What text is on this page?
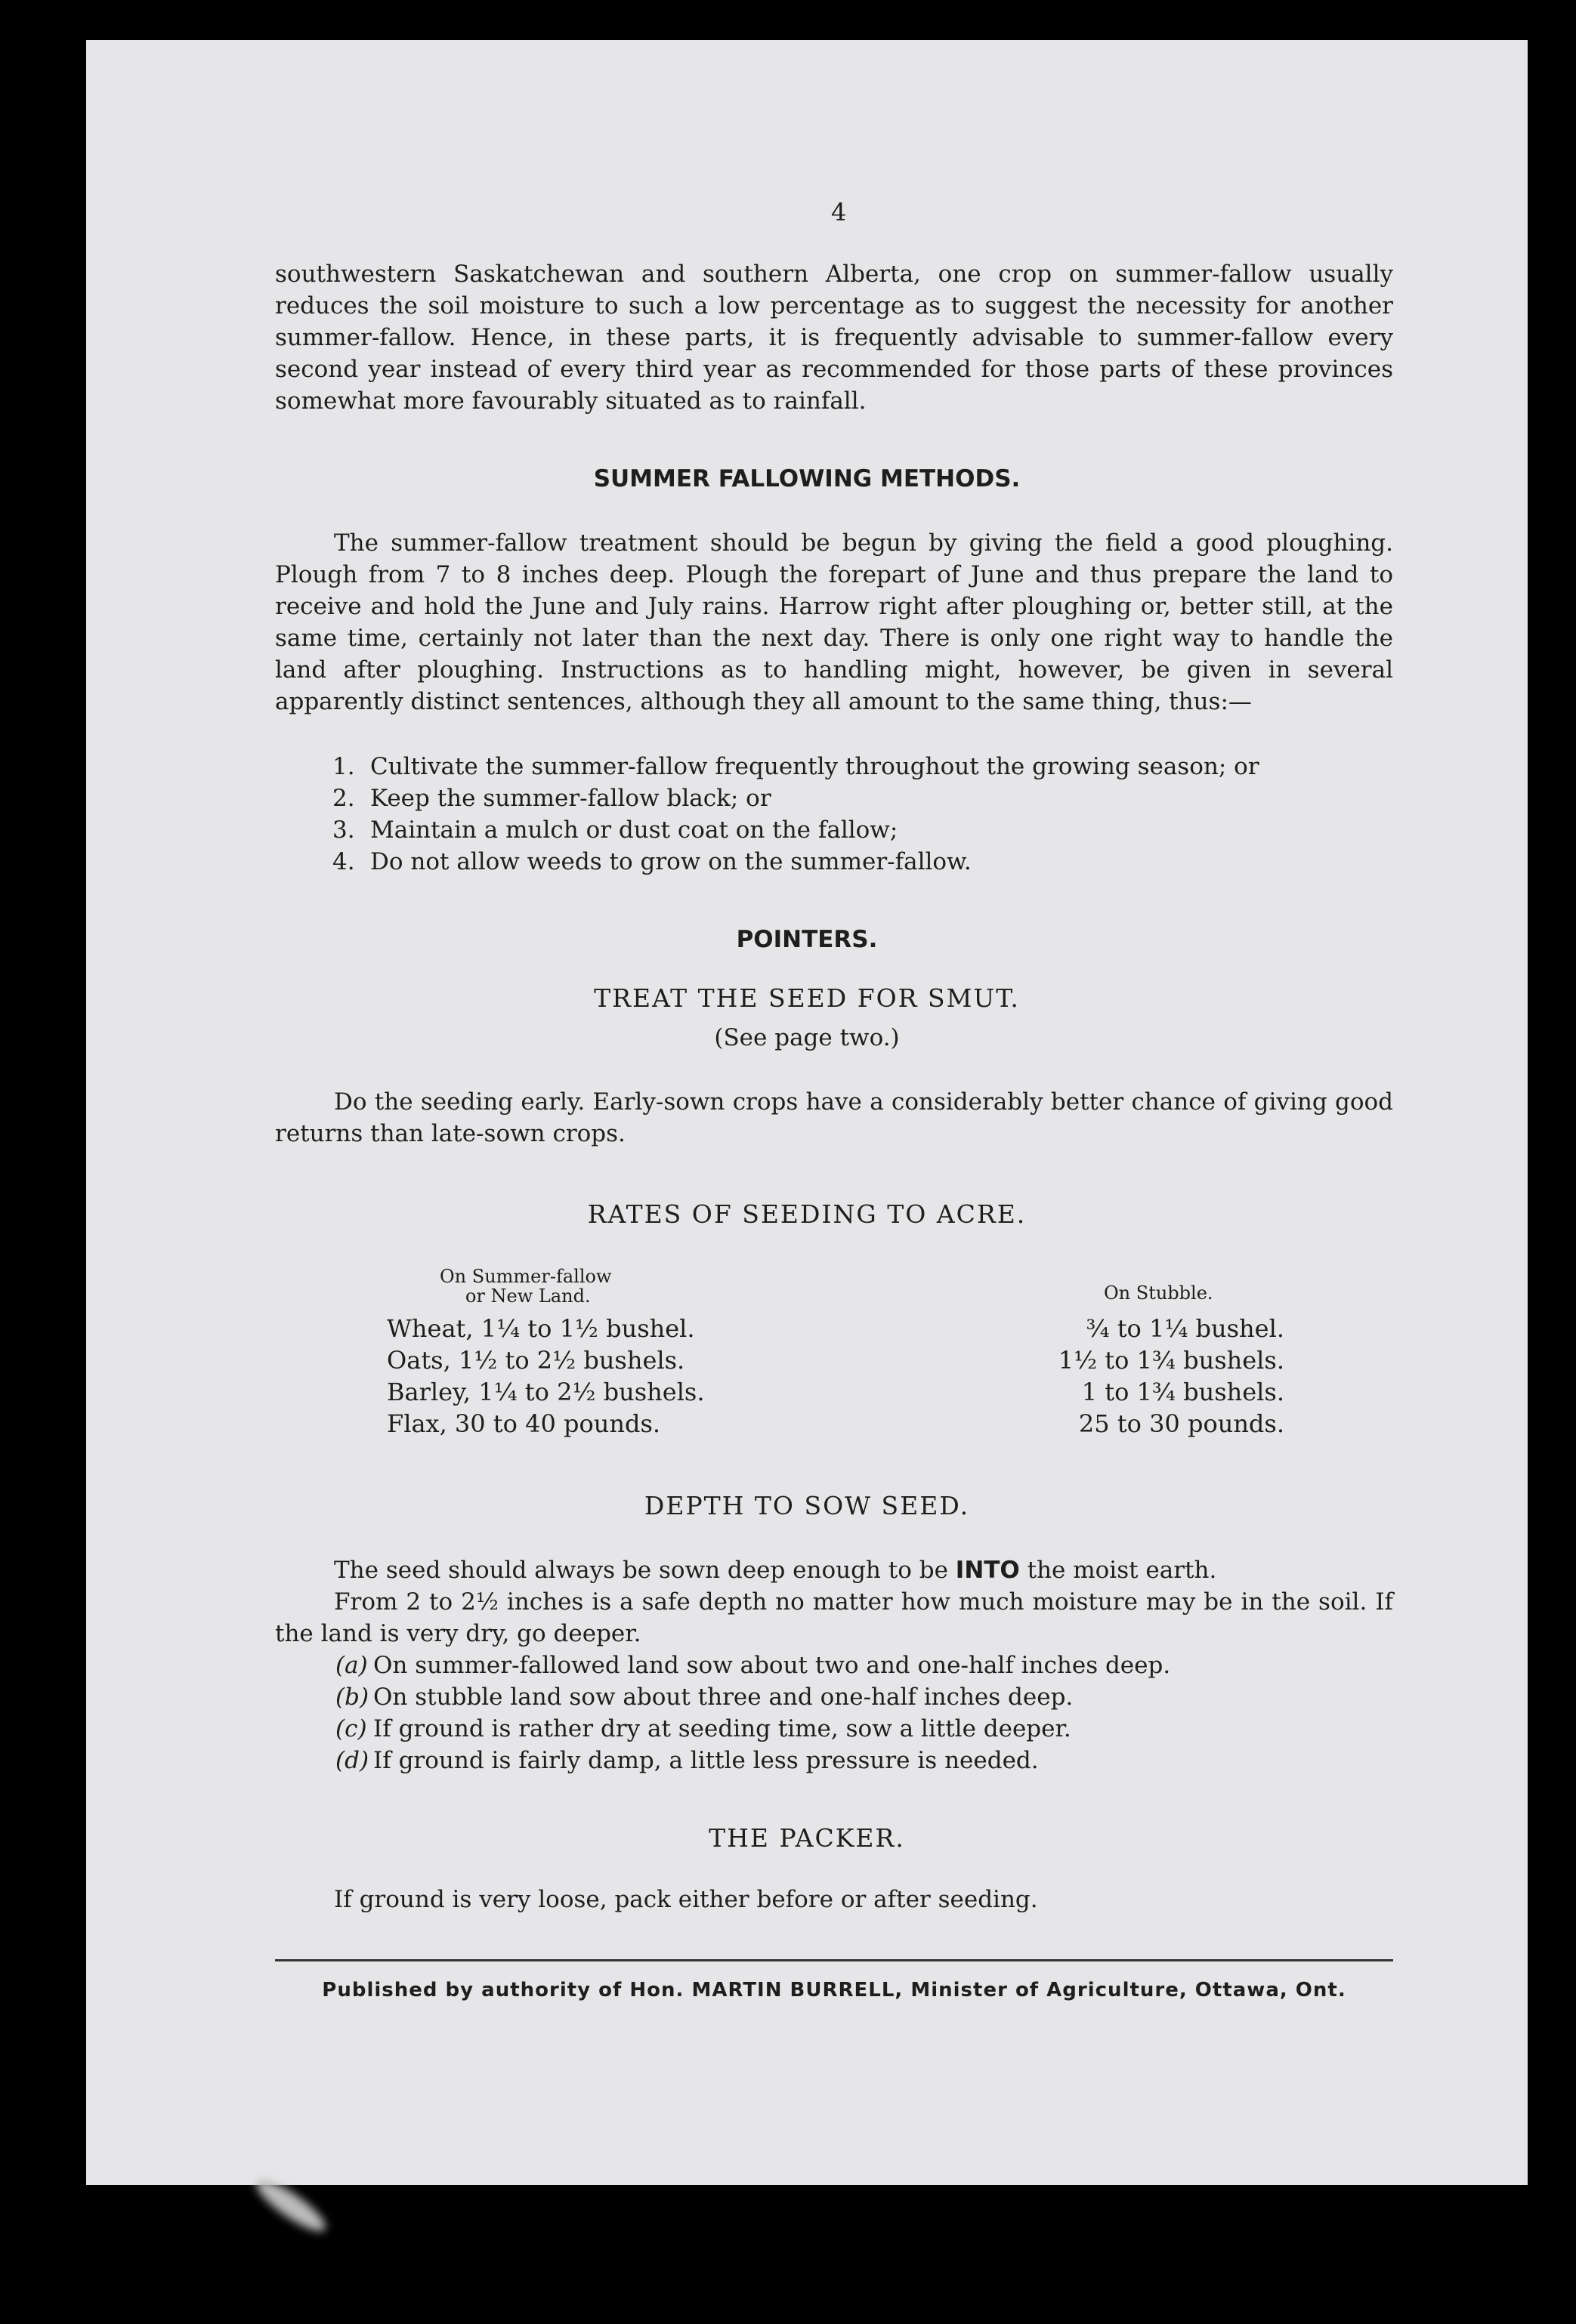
4

southwestern Saskatchewan and southern Alberta, one crop on summer-fallow usually reduces the soil moisture to such a low percentage as to suggest the necessity for another summer-fallow. Hence, in these parts, it is frequently advisable to summer-fallow every second year instead of every third year as recommended for those parts of these provinces somewhat more favourably situated as to rainfall.

SUMMER FALLOWING METHODS.

The summer-fallow treatment should be begun by giving the field a good ploughing. Plough from 7 to 8 inches deep. Plough the forepart of June and thus prepare the land to receive and hold the June and July rains. Harrow right after ploughing or, better still, at the same time, certainly not later than the next day. There is only one right way to handle the land after ploughing. Instructions as to handling might, however, be given in several apparently distinct sentences, although they all amount to the same thing, thus:—

1. Cultivate the summer-fallow frequently throughout the growing season; or
2. Keep the summer-fallow black; or
3. Maintain a mulch or dust coat on the fallow;
4. Do not allow weeds to grow on the summer-fallow.
POINTERS.
TREAT THE SEED FOR SMUT.
(See page two.)

Do the seeding early. Early-sown crops have a considerably better chance of giving good returns than late-sown crops.

RATES OF SEEDING TO ACRE.
On Summer-fallow
or New Land.
Wheat, 1¼ to 1½ bushel.
Oats, 1½ to 2½ bushels.
Barley, 1¼ to 2½ bushels.
Flax, 30 to 40 pounds.
On Stubble.
¾ to 1¼ bushel.
1½ to 1¾ bushels.
1 to 1¾ bushels.
25 to 30 pounds.
DEPTH TO SOW SEED.

The seed should always be sown deep enough to be INTO the moist earth.

From 2 to 2½ inches is a safe depth no matter how much moisture may be in the soil. If the land is very dry, go deeper.

(a) On summer-fallowed land sow about two and one-half inches deep.
(b) On stubble land sow about three and one-half inches deep.
(c) If ground is rather dry at seeding time, sow a little deeper.
(d) If ground is fairly damp, a little less pressure is needed.
THE PACKER.

If ground is very loose, pack either before or after seeding.

Published by authority of Hon. MARTIN BURRELL, Minister of Agriculture, Ottawa, Ont.
